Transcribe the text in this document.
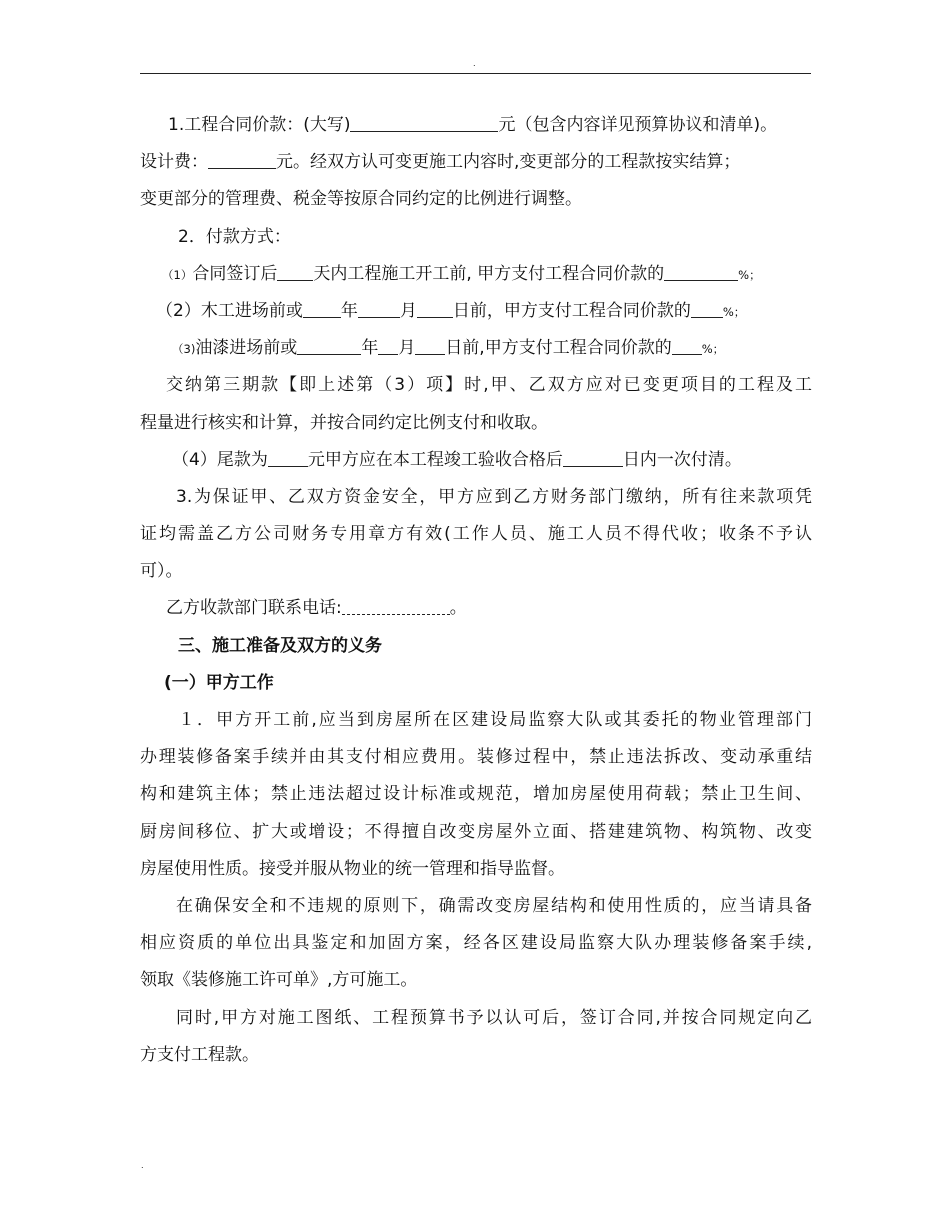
.
1.工程合同价款：(大写)	元（包含内容详见预算协议和清单)。
设计费：	元。经双方认可变更施工内容时,变更部分的工程款按实结算；
变更部分的管理费、税金等按原合同约定的比例进行调整。
2．付款方式：
（1）合同签订后 天内工程施工开工前, 甲方支付工程合同价款的	%；
（2）木工进场前或 年 月 日前，甲方支付工程合同价款的	%；
（3)油漆进场前或	年 月 日前,甲方支付工程合同价款的	%；
交纳第三期款【即上述第（3）项】时,甲、乙双方应对已变更项目的工程及工
程量进行核实和计算，并按合同约定比例支付和收取。
（4）尾款为 元甲方应在本工程竣工验收合格后	日内一次付清。
3.为保证甲、乙双方资金安全，甲方应到乙方财务部门缴纳，所有往来款项凭
证均需盖乙方公司财务专用章方有效(工作人员、施工人员不得代收；收条不予认
可）。
乙方收款部门联系电话:	。
三、施工准备及双方的义务
(一）甲方工作
１．甲方开工前,应当到房屋所在区建设局监察大队或其委托的物业管理部门
办理装修备案手续并由其支付相应费用。装修过程中，禁止违法拆改、变动承重结
构和建筑主体；禁止违法超过设计标准或规范，增加房屋使用荷载；禁止卫生间、
厨房间移位、扩大或增设；不得擅自改变房屋外立面、搭建建筑物、构筑物、改变
房屋使用性质。接受并服从物业的统一管理和指导监督。
在确保安全和不违规的原则下，确需改变房屋结构和使用性质的，应当请具备
相应资质的单位出具鉴定和加固方案，经各区建设局监察大队办理装修备案手续,
领取《装修施工许可单》,方可施工。
同时,甲方对施工图纸、工程预算书予以认可后，签订合同,并按合同规定向乙
方支付工程款。
.
